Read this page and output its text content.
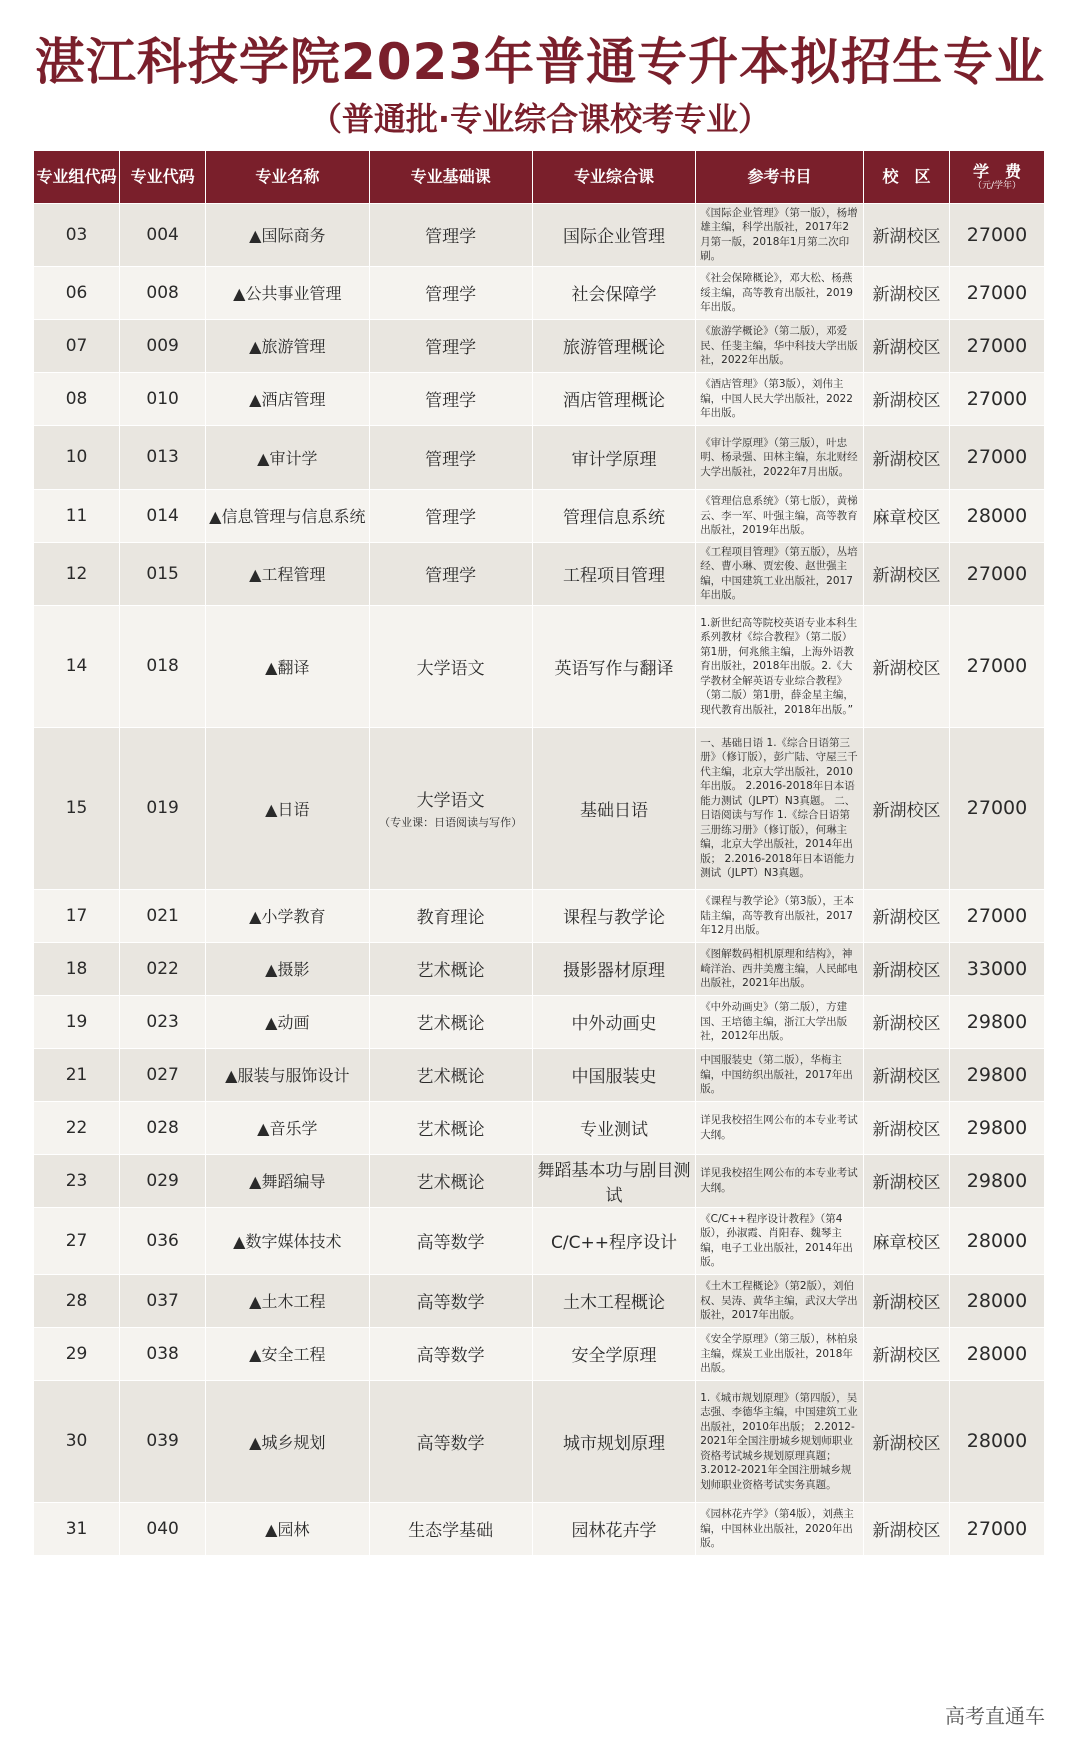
湛江科技学院2023年普通专升本拟招生专业
（普通批·专业综合课校考专业）
专业组代码	专业代码	专业名称	专业基础课	专业综合课	参考书目	校　区	学　费
（元/学年）

03	004	▲国际商务	管理学	国际企业管理	《国际企业管理》（第一版），杨增雄主编，科学出版社，2017年2月第一版，2018年1月第二次印刷。	新湖校区	27000
06	008	▲公共事业管理	管理学	社会保障学	《社会保障概论》，邓大松、杨燕绥主编，高等教育出版社，2019年出版。	新湖校区	27000
07	009	▲旅游管理	管理学	旅游管理概论	《旅游学概论》（第二版），邓爱民、任斐主编，华中科技大学出版社，2022年出版。	新湖校区	27000
08	010	▲酒店管理	管理学	酒店管理概论	《酒店管理》（第3版），刘伟主编，中国人民大学出版社，2022年出版。	新湖校区	27000
10	013	▲审计学	管理学	审计学原理	《审计学原理》（第三版），叶忠明、杨录强、田林主编，东北财经大学出版社，2022年7月出版。	新湖校区	27000
11	014	▲信息管理与信息系统	管理学	管理信息系统	《管理信息系统》（第七版），黄梯云、李一军、叶强主编，高等教育出版社，2019年出版。	麻章校区	28000
12	015	▲工程管理	管理学	工程项目管理	《工程项目管理》（第五版），丛培经、曹小琳、贾宏俊、赵世强主编，中国建筑工业出版社，2017年出版。	新湖校区	27000
14	018	▲翻译	大学语文	英语写作与翻译	1.新世纪高等院校英语专业本科生系列教材《综合教程》（第二版）第1册，何兆熊主编，上海外语教育出版社，2018年出版。2.《大学教材全解英语专业综合教程》（第二版）第1册，薛金星主编，现代教育出版社，2018年出版。”	新湖校区	27000
15	019	▲日语	大学语文
（专业课：日语阅读与写作）	基础日语	一、基础日语 1.《综合日语第三册》（修订版），彭广陆、守屋三千代主编，北京大学出版社，2010年出版。 2.2016-2018年日本语能力测试（JLPT）N3真题。 二、日语阅读与写作 1.《综合日语第三册练习册》（修订版），何琳主编，北京大学出版社，2014年出版； 2.2016-2018年日本语能力测试（JLPT）N3真题。	新湖校区	27000
17	021	▲小学教育	教育理论	课程与教学论	《课程与教学论》（第3版），王本陆主编，高等教育出版社，2017年12月出版。	新湖校区	27000
18	022	▲摄影	艺术概论	摄影器材原理	《图解数码相机原理和结构》，神崎洋治、西井美鹰主编，人民邮电出版社，2021年出版。	新湖校区	33000
19	023	▲动画	艺术概论	中外动画史	《中外动画史》（第二版），方建国、王培德主编，浙江大学出版社，2012年出版。	新湖校区	29800
21	027	▲服装与服饰设计	艺术概论	中国服装史	中国服装史（第二版），华梅主编，中国纺织出版社，2017年出版。	新湖校区	29800
22	028	▲音乐学	艺术概论	专业测试	详见我校招生网公布的本专业考试大纲。	新湖校区	29800
23	029	▲舞蹈编导	艺术概论	舞蹈基本功与剧目测试	详见我校招生网公布的本专业考试大纲。	新湖校区	29800
27	036	▲数字媒体技术	高等数学	C/C++程序设计	《C/C++程序设计教程》（第4版），孙淑霞、肖阳春、魏琴主编，电子工业出版社，2014年出版。	麻章校区	28000
28	037	▲土木工程	高等数学	土木工程概论	《土木工程概论》（第2版），刘伯权、吴涛、黄华主编，武汉大学出版社，2017年出版。	新湖校区	28000
29	038	▲安全工程	高等数学	安全学原理	《安全学原理》（第三版），林柏泉主编，煤炭工业出版社，2018年出版。	新湖校区	28000
30	039	▲城乡规划	高等数学	城市规划原理	1.《城市规划原理》（第四版），吴志强、李德华主编，中国建筑工业出版社，2010年出版； 2.2012-2021年全国注册城乡规划师职业资格考试城乡规划原理真题； 3.2012-2021年全国注册城乡规划师职业资格考试实务真题。	新湖校区	28000
31	040	▲园林	生态学基础	园林花卉学	《园林花卉学》（第4版），刘燕主编，中国林业出版社，2020年出版。	新湖校区	27000
高考直通车
